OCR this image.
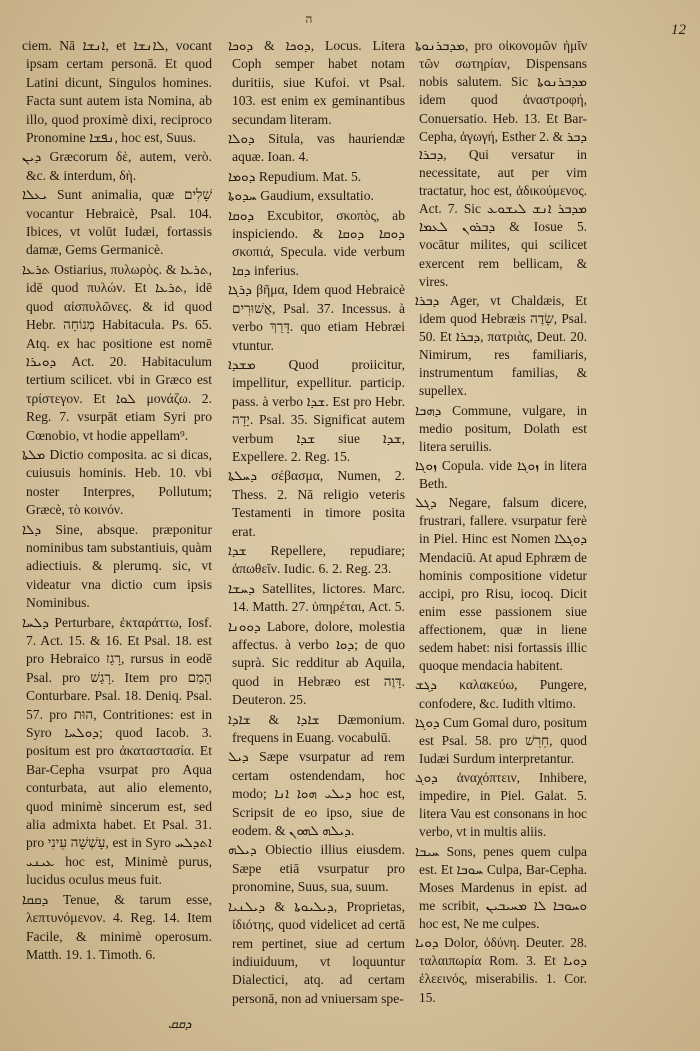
ה
12

ciem. Nā ܐܢܫܐ, et ܠܐܢܫܐ, vocant ipsam certam personā. Et quod Latini dicunt, Singulos homines. Facta sunt autem ista Nomina, ab illo, quod proximè dixi, reciproco Pronomine ܢܦܫܐ, hoc est, Suus.

ܕܝܢ Græcorum δὲ, autem, verò. &c. & interdum, δὴ.

ܝܥܠܐ Sunt animalia, quæ שָׁלִים vocantur Hebraicè, Psal. 104. Ibices, vt volūt Iudæi, fortassis damæ, Gems Germanicè.

ܬܪܥܐ Ostiarius, πυλωρὸς. & ܬܪܥܐ, idē quod πυλών. Et ܬܪܥܐ, idē quod αἰσπυλῶνες. & id quod Hebr. מְנוֹחָה Habitacula. Ps. 65. Atq. ex hac positione est nomē ܕܘܝܪܐ Act. 20. Habitaculum tertium scilicet. vbi in Græco est τρίστεγον. Et ܠܘܐ μονάζω. 2. Reg. 7. vsurpāt etiam Syri pro Cœnobio, vt hodie appellam⁹.

ܡܠܬܐ Dictio composita. ac si dicas, cuiusuis hominis. Heb. 10. vbi noster Interpres, Pollutum; Græcè, τὸ κοινόν.

ܕܠܐ Sine, absque. præponitur nominibus tam substantiuis, quàm adiectiuis. & plerumq. sic, vt videatur vna dictio cum ipsis Nominibus.

ܕܠܚܐ Perturbare, ἐκταράττω, Iosf. 7. Act. 15. & 16. Et Psal. 18. est pro Hebraico רָגַז, rursus in eodē Psal. pro רָגַשׁ. Item pro הָמַם Conturbare. Psal. 18. Deniq. Psal. 57. pro הוּת, Contritiones: est in Syro ܕܘܠܚܐ; quod Iacob. 3. positum est pro ἀκαταστασία. Et Bar-Cepha vsurpat pro Aqua conturbata, aut alio elemento, quod minimè sincerum est, sed alia admixta habet. Et Psal. 31. pro עָשְׁשָׁה עֵינִי, est in Syro ܐܬܕܠܚ ܥܝܢܝ hoc est, Minimè purus, lucidus oculus meus fuit.

ܕܩܩܐ Tenue, & tarum esse, λεπτυνόμενον. 4. Reg. 14. Item Facile, & minimè operosum. Matth. 19. 1. Timoth. 6.

ܕܘܟܐ & ܕܘܟܐ, Locus. Litera Coph semper habet notam duritiis, siue Kufoi. vt Psal. 103. est enim ex geminantibus secundam literam.

ܕܘܠܐ Situla, vas hauriendæ aquæ. Ioan. 4.

ܕܘܡܐ Repudium. Mat. 5.

ܚܕܘܬܐ Gaudium, exsultatio.

ܕܘܩܐ Excubitor, σκοπὸς, ab inspiciendo. & ܕܘܩܐ ܕܘܩܐ σκοπιά, Specula. vide verbum ܕܩܐ inferius.

ܕܪܓܐ βῆμα, Idem quod Hebraicè אֲשׁוּרִים, Psal. 37. Incessus. à verbo דָּרַךְ. quo etiam Hebræi vtuntur.

ܡܫܕܐ Quod proiicitur, impellitur, expellitur. particip. pass. à verbo ܫܕܐ. Est pro Hebr. יָדָה. Psal. 35. Significat autem verbum ܫܕܐ siue ܫܕܐ, Expellere. 2. Reg. 15.

ܕܚܠܬܐ σέβασμα, Numen, 2. Thess. 2. Nā religio veteris Testamenti in timore posita erat.

ܫܕܐ Repellere, repudiare; ἀπωθεῖν. Iudic. 6. 2. Reg. 23.

ܕܚܫܐ Satellites, lictores. Marc. 14. Matth. 27. ὑπηρέται, Act. 5.

ܕܘܘܢܐ Labore, dolore, molestia affectus. à verbo ܕܘܐ; de quo suprà. Sic redditur ab Aquila, quod in Hebræo est דָּוֶה. Deuteron. 25.

ܫܐܕܐ & ܫܐܕܐ Dæmonium. frequens in Euang. vocabulū.

ܕܝܠ Sæpe vsurpatur ad rem certam ostendendam, hoc modo; ܕܝܠܝ ܗܘܐ ܐܢܐ hoc est, Scripsit de eo ipso, siue de eodem. & ܕܝܠܗ ܠܗܘܢ.

ܕܝܠܗ Obiectio illius eiusdem. Sæpe etiā vsurpatur pro pronomine, Suus, sua, suum.

ܕܝܠܝܘܬܐ & ܕܝܠܢܝܐ, Proprietas, ἰδιότης, quod videlicet ad certā rem pertinet, siue ad certum indiuiduum, vt loquuntur Dialectici, atq. ad certam personā, non ad vniuersam spe-

ܡܕܒܪܢܘܬܐ, pro οἰκονομῶν ἡμῖν τῶν σωτηρίαν, Dispensans nobis salutem. Sic ܡܕܒܪܢܘܬܐ idem quod ἀναστροφή, Conuersatio. Heb. 13. Et Bar-Cepha, ἀγωγή, Esther 2. & ܕܒܪ ܕܒܪܐ, Qui versatur in necessitate, aut per vim tractatur, hoc est, ἀδικούμενος. Act. 7. Sic ܡܕܒܪ ܐܢܫ ܠܝܫܘܥ & ܕܒܪܘܢ ܠܥܡܐ Iosue 5. vocātur milites, qui scilicet exercent rem bellicam, & vires.

ܕܒܪܐ Ager, vt Chaldæis, Et idem quod Hebræis שָׂדֶה, Psal. 50. Et ܕܒܪܐ, πατριὰς, Deut. 20. Nimirum, res familiaris, instrumentum familias, & supellex.

ܕܗܒܐ Commune, vulgare, in medio positum, Dolath est litera seruilis.

ܙܘܓܐ Copula. vide ܙܘܓܐ in litera Beth.

ܕܓܠ Negare, falsum dicere, frustrari, fallere. vsurpatur ferè in Piel. Hinc est Nomen ܕܘܓܠܐ Mendaciū. At apud Ephræm de hominis compositione videtur accipi, pro Risu, iocoq. Dicit enim esse passionem siue affectionem, quæ in liene sedem habet: nisi fortassis illic quoque mendacia habitent.

ܕܓܫ καλακεύω, Pungere, confodere, &c. Iudith vltimo.

ܕܘܓܐ Cum Gomal duro, positum est Psal. 58. pro חֵרֵשׁ, quod Iudæi Surdum interpretantur.

ܕܘܓ ἀναχόπτειν, Inhibere, impedire, in Piel. Galat. 5. litera Vau est consonans in hoc verbo, vt in multis aliis.

ܚܝܒܐ Sons, penes quem culpa est. Et ܚܘܒܐ Culpa, Bar-Cepha. Moses Mardenus in epist. ad me scribit, ܘܚܘܒܐ ܠܐ ܡܚܝܒܝܢ hoc est, Ne me culpes.

ܕܘܝܐ Dolor, ὀδύνη. Deuter. 28. ταλαιπωρία Rom. 3. Et ܕܘܝܐ ἐλεεινός, miserabilis. 1. Cor. 15.

ܕܩܩ
